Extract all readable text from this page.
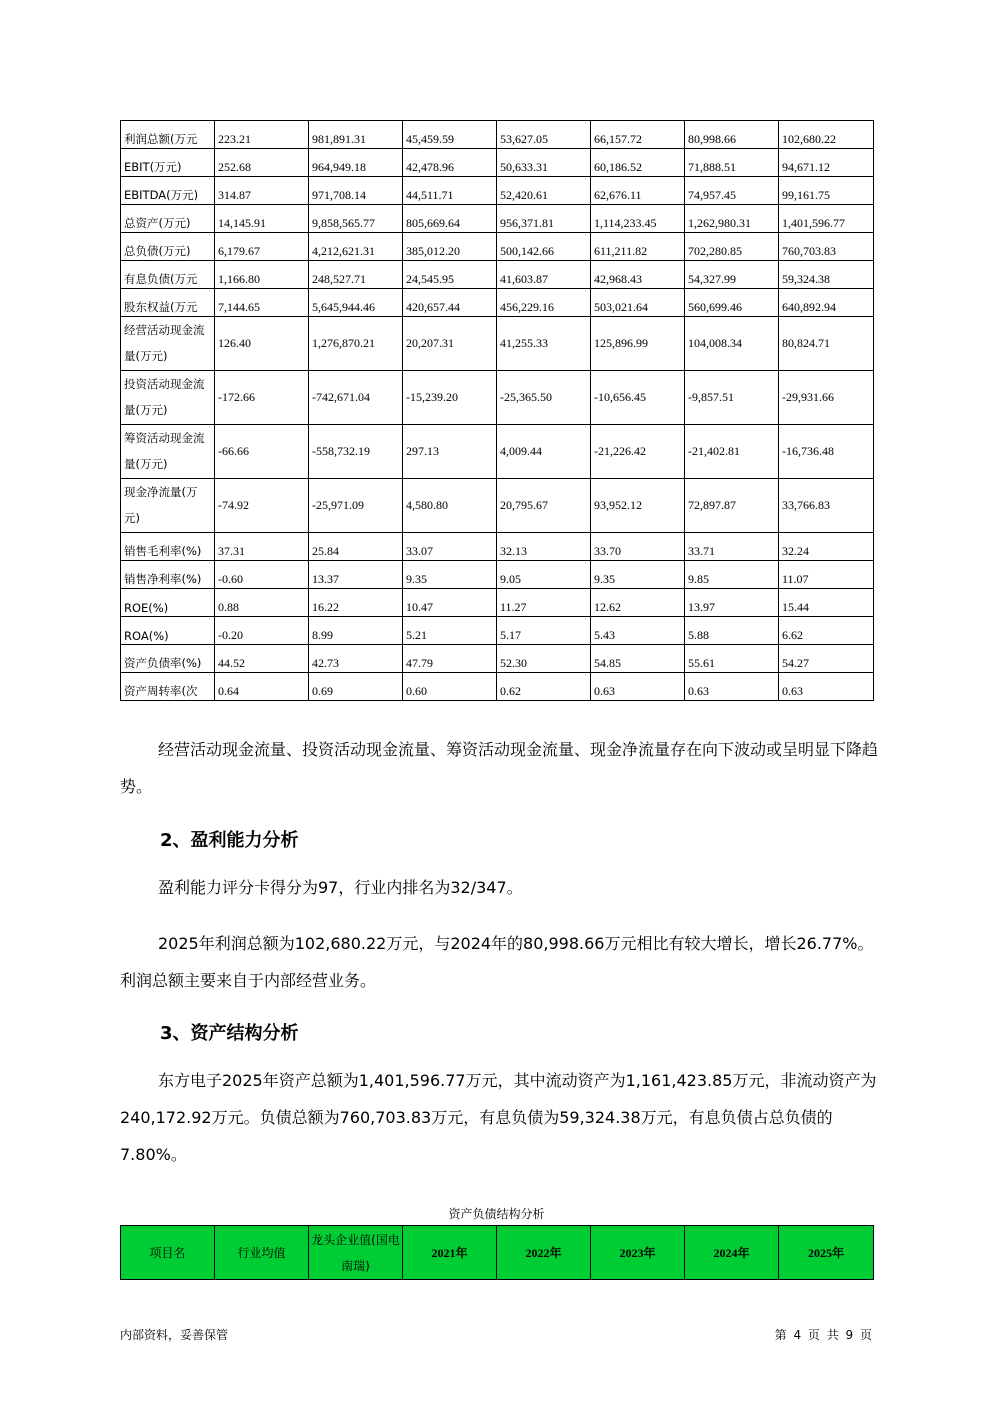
利润总额(万元	223.21	981,891.31	45,459.59	53,627.05	66,157.72	80,998.66	102,680.22
EBIT(万元)	252.68	964,949.18	42,478.96	50,633.31	60,186.52	71,888.51	94,671.12
EBITDA(万元)	314.87	971,708.14	44,511.71	52,420.61	62,676.11	74,957.45	99,161.75
总资产(万元)	14,145.91	9,858,565.77	805,669.64	956,371.81	1,114,233.45	1,262,980.31	1,401,596.77
总负债(万元)	6,179.67	4,212,621.31	385,012.20	500,142.66	611,211.82	702,280.85	760,703.83
有息负债(万元	1,166.80	248,527.71	24,545.95	41,603.87	42,968.43	54,327.99	59,324.38
股东权益(万元	7,144.65	5,645,944.46	420,657.44	456,229.16	503,021.64	560,699.46	640,892.94
经营活动现金流量(万元)	126.40	1,276,870.21	20,207.31	41,255.33	125,896.99	104,008.34	80,824.71
投资活动现金流量(万元)	-172.66	-742,671.04	-15,239.20	-25,365.50	-10,656.45	-9,857.51	-29,931.66
筹资活动现金流量(万元)	-66.66	-558,732.19	297.13	4,009.44	-21,226.42	-21,402.81	-16,736.48
现金净流量(万元)	-74.92	-25,971.09	4,580.80	20,795.67	93,952.12	72,897.87	33,766.83
销售毛利率(%)	37.31	25.84	33.07	32.13	33.70	33.71	32.24
销售净利率(%)	-0.60	13.37	9.35	9.05	9.35	9.85	11.07
ROE(%)	0.88	16.22	10.47	11.27	12.62	13.97	15.44
ROA(%)	-0.20	8.99	5.21	5.17	5.43	5.88	6.62
资产负债率(%)	44.52	42.73	47.79	52.30	54.85	55.61	54.27
资产周转率(次	0.64	0.69	0.60	0.62	0.63	0.63	0.63

经营活动现金流量、投资活动现金流量、筹资活动现金流量、现金净流量存在向下波动或呈明显下降趋势。

2、盈利能力分析

盈利能力评分卡得分为97，行业内排名为32/347。

2025年利润总额为102,680.22万元，与2024年的80,998.66万元相比有较大增长，增长26.77%。利润总额主要来自于内部经营业务。

3、资产结构分析

东方电子2025年资产总额为1,401,596.77万元，其中流动资产为1,161,423.85万元，非流动资产为240,172.92万元。负债总额为760,703.83万元，有息负债为59,324.38万元，有息负债占总负债的7.80%。

资产负债结构分析
项目名	行业均值	龙头企业值(国电南瑞)	2021年	2022年	2023年	2024年	2025年
内部资料，妥善保管	第 4 页 共 9 页
